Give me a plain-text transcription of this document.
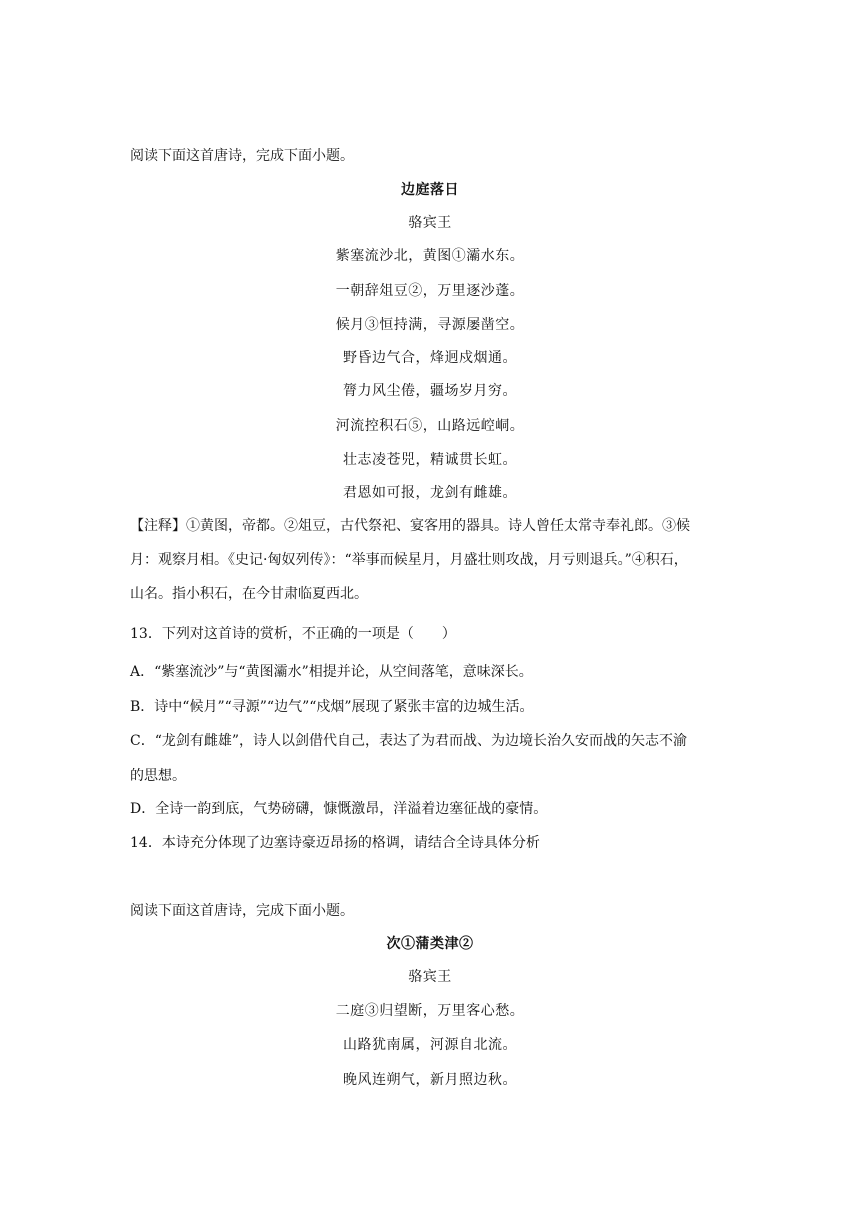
阅读下面这首唐诗，完成下面小题。
边庭落日
骆宾王
紫塞流沙北，黄图①灞水东。
一朝辞俎豆②，万里逐沙蓬。
候月③恒持满，寻源屡凿空。
野昏边气合，烽迥戍烟通。
膂力风尘倦，疆场岁月穷。
河流控积石⑤，山路远崆峒。
壮志凌苍兕，精诚贯长虹。
君恩如可报，龙剑有雌雄。
【注释】①黄图，帝都。②俎豆，古代祭祀、宴客用的器具。诗人曾任太常寺奉礼郎。③候
月：观察月相。《史记·匈奴列传》：“举事而候星月，月盛壮则攻战，月亏则退兵。”④积石，
山名。指小积石，在今甘肃临夏西北。
13．下列对这首诗的赏析，不正确的一项是（　　）
A．“紫塞流沙”与“黄图灞水”相提并论，从空间落笔，意味深长。
B．诗中“候月”“寻源”“边气”“戍烟”展现了紧张丰富的边城生活。
C．“龙剑有雌雄”，诗人以剑借代自己，表达了为君而战、为边境长治久安而战的矢志不渝
的思想。
D．全诗一韵到底，气势磅礴，慷慨激昂，洋溢着边塞征战的豪情。
14．本诗充分体现了边塞诗豪迈昂扬的格调，请结合全诗具体分析
阅读下面这首唐诗，完成下面小题。
次①蒲类津②
骆宾王
二庭③归望断，万里客心愁。
山路犹南属，河源自北流。
晚风连朔气，新月照边秋。
